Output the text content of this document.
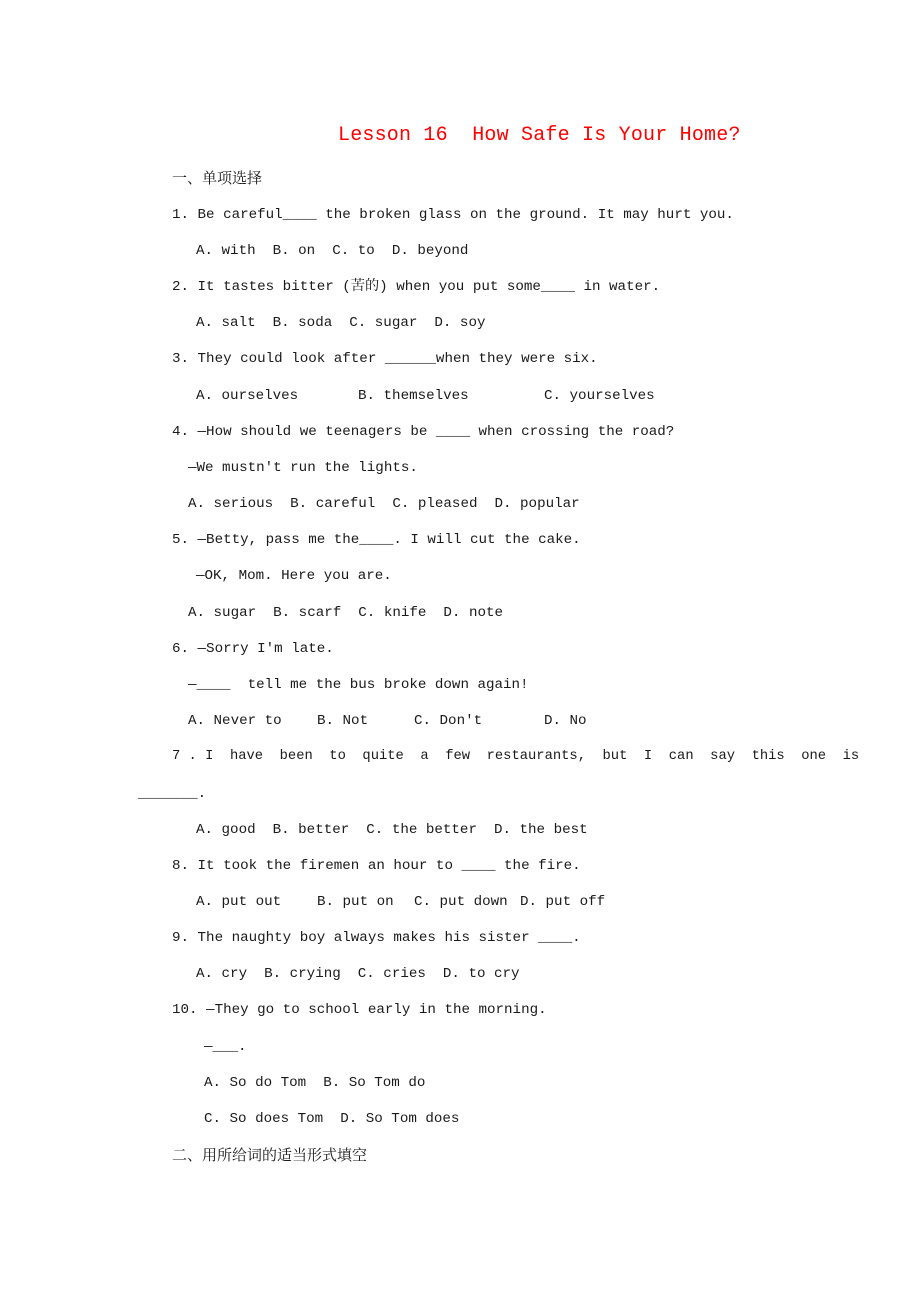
Lesson 16  How Safe Is Your Home?
一、单项选择
1. Be careful____ the broken glass on the ground. It may hurt you.
A. with  B. on  C. to  D. beyond
2. It tastes bitter (苦的) when you put some____ in water.
A. salt  B. soda  C. sugar  D. soy
3. They could look after ______when they were six.
A. ourselves	B. themselves	C. yourselves
4. —How should we teenagers be ____ when crossing the road?
—We mustn't run the lights.
A. serious  B. careful  C. pleased  D. popular
5. —Betty, pass me the____. I will cut the cake.
—OK, Mom. Here you are.
A. sugar  B. scarf  C. knife  D. note
6. —Sorry I'm late.
—____  tell me the bus broke down again!
A. Never to B. Not	C. Don't	D. No
7 . I  have  been  to  quite  a  few  restaurants,  but  I  can  say  this  one  is
_______.
A. good  B. better  C. the better  D. the best
8. It took the firemen an hour to ____ the fire.
A. put out	B. put on C. put down D. put off
9. The naughty boy always makes his sister ____.
A. cry  B. crying  C. cries  D. to cry
10. —They go to school early in the morning.
—___.
A. So do Tom  B. So Tom do
C. So does Tom  D. So Tom does
二、用所给词的适当形式填空
